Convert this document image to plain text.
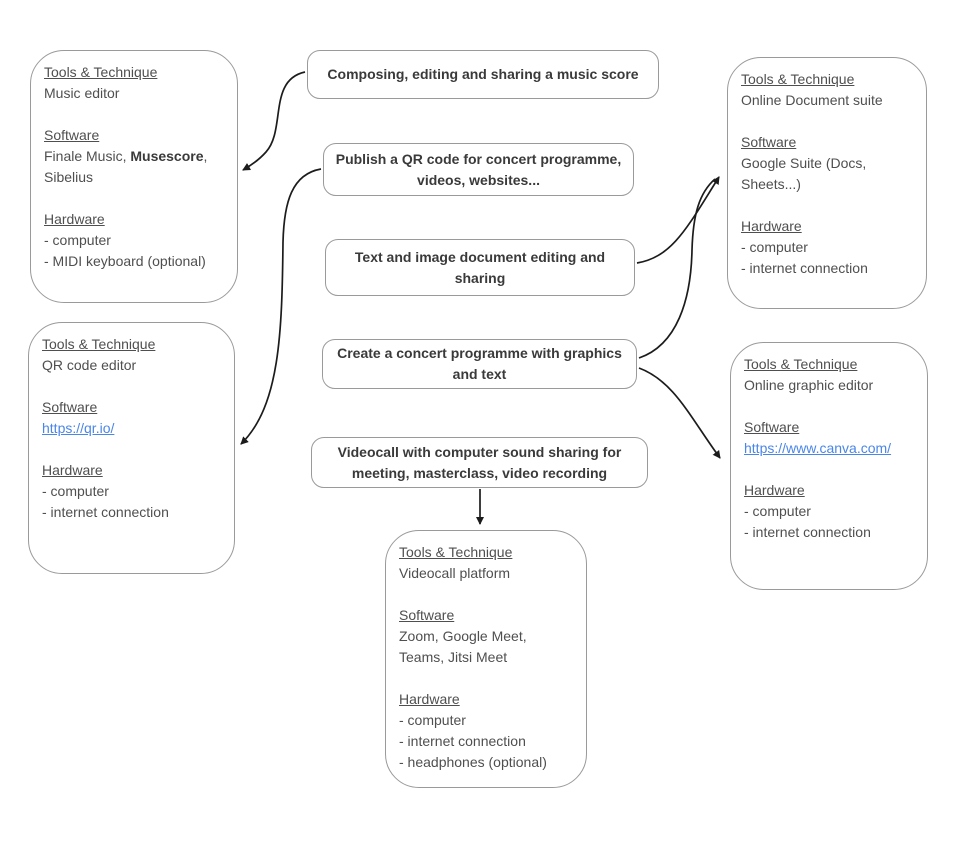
Composing, editing and sharing a music score
Publish a QR code for concert programme, videos, websites...
Text and image document editing and sharing
Create a concert programme with graphics and text
Videocall with computer sound sharing for meeting, masterclass, video recording
Tools & Technique
Music editor
Software
Finale Music, Musescore,
Sibelius
Hardware
- computer
- MIDI keyboard (optional)
Tools & Technique
QR code editor
Software
https://qr.io/
Hardware
- computer
- internet connection
Tools & Technique
Online Document suite
Software
Google Suite (Docs,
Sheets...)
Hardware
- computer
- internet connection
Tools & Technique
Online graphic editor
Software
https://www.canva.com/
Hardware
- computer
- internet connection
Tools & Technique
Videocall platform
Software
Zoom, Google Meet,
Teams, Jitsi Meet
Hardware
- computer
- internet connection
- headphones (optional)
